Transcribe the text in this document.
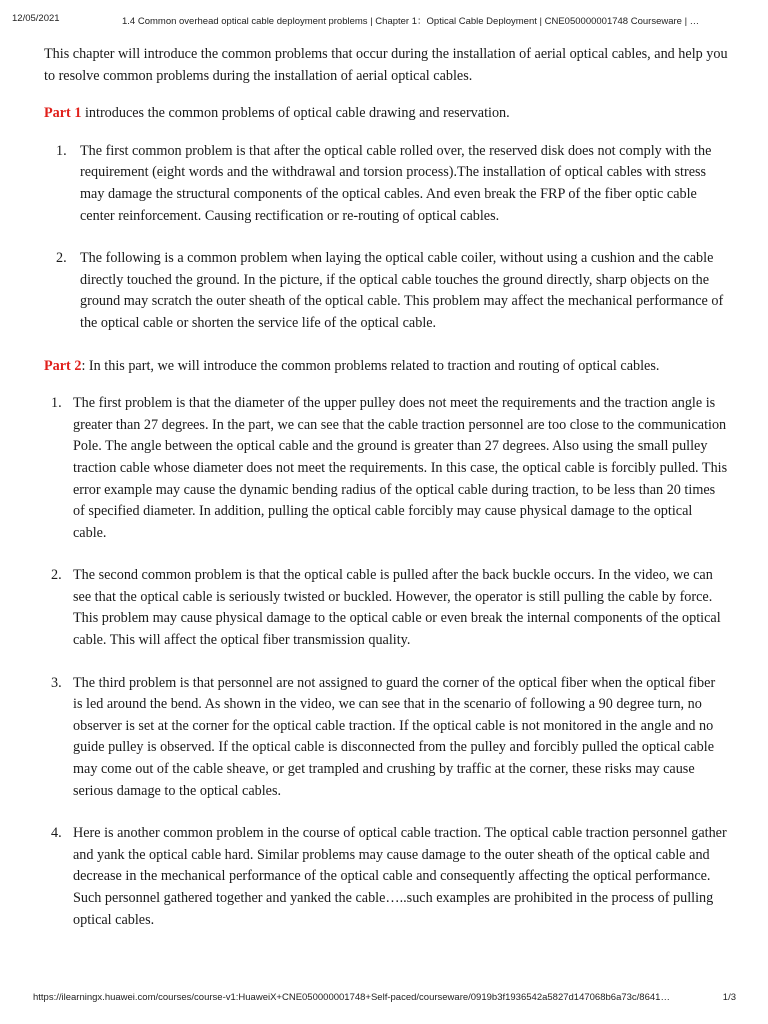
12/05/2021	1.4 Common overhead optical cable deployment problems | Chapter 1：Optical Cable Deployment | CNE050000001748 Courseware | …

This chapter will introduce the common problems that occur during the installation of aerial optical cables, and help you to resolve common problems during the installation of aerial optical cables.

Part 1 introduces the common problems of optical cable drawing and reservation.

1. The first common problem is that after the optical cable rolled over, the reserved disk does not comply with the requirement (eight words and the withdrawal and torsion process).The installation of optical cables with stress may damage the structural components of the optical cables. And even break the FRP of the fiber optic cable center reinforcement. Causing rectification or re-routing of optical cables.
2. The following is a common problem when laying the optical cable coiler, without using a cushion and the cable directly touched the ground. In the picture, if the optical cable touches the ground directly, sharp objects on the ground may scratch the outer sheath of the optical cable. This problem may affect the mechanical performance of the optical cable or shorten the service life of the optical cable.

Part 2: In this part, we will introduce the common problems related to traction and routing of optical cables.

1. The first problem is that the diameter of the upper pulley does not meet the requirements and the traction angle is greater than 27 degrees. In the part, we can see that the cable traction personnel are too close to the communication Pole. The angle between the optical cable and the ground is greater than 27 degrees. Also using the small pulley traction cable whose diameter does not meet the requirements. In this case, the optical cable is forcibly pulled. This error example may cause the dynamic bending radius of the optical cable during traction, to be less than 20 times of specified diameter. In addition, pulling the optical cable forcibly may cause physical damage to the optical cable.
2. The second common problem is that the optical cable is pulled after the back buckle occurs. In the video, we can see that the optical cable is seriously twisted or buckled. However, the operator is still pulling the cable by force. This problem may cause physical damage to the optical cable or even break the internal components of the optical cable. This will affect the optical fiber transmission quality.
3. The third problem is that personnel are not assigned to guard the corner of the optical fiber when the optical fiber is led around the bend. As shown in the video, we can see that in the scenario of following a 90 degree turn, no observer is set at the corner for the optical cable traction. If the optical cable is not monitored in the angle and no guide pulley is observed. If the optical cable is disconnected from the pulley and forcibly pulled the optical cable may come out of the cable sheave, or get trampled and crushing by traffic at the corner, these risks may cause serious damage to the optical cables.
4. Here is another common problem in the course of optical cable traction. The optical cable traction personnel gather and yank the optical cable hard. Similar problems may cause damage to the outer sheath of the optical cable and decrease in the mechanical performance of the optical cable and consequently affecting the optical performance. Such personnel gathered together and yanked the cable…..such examples are prohibited in the process of pulling optical cables.
https://ilearningx.huawei.com/courses/course-v1:HuaweiX+CNE050000001748+Self-paced/courseware/0919b3f1936542a5827d147068b6a73c/8641…	1/3
